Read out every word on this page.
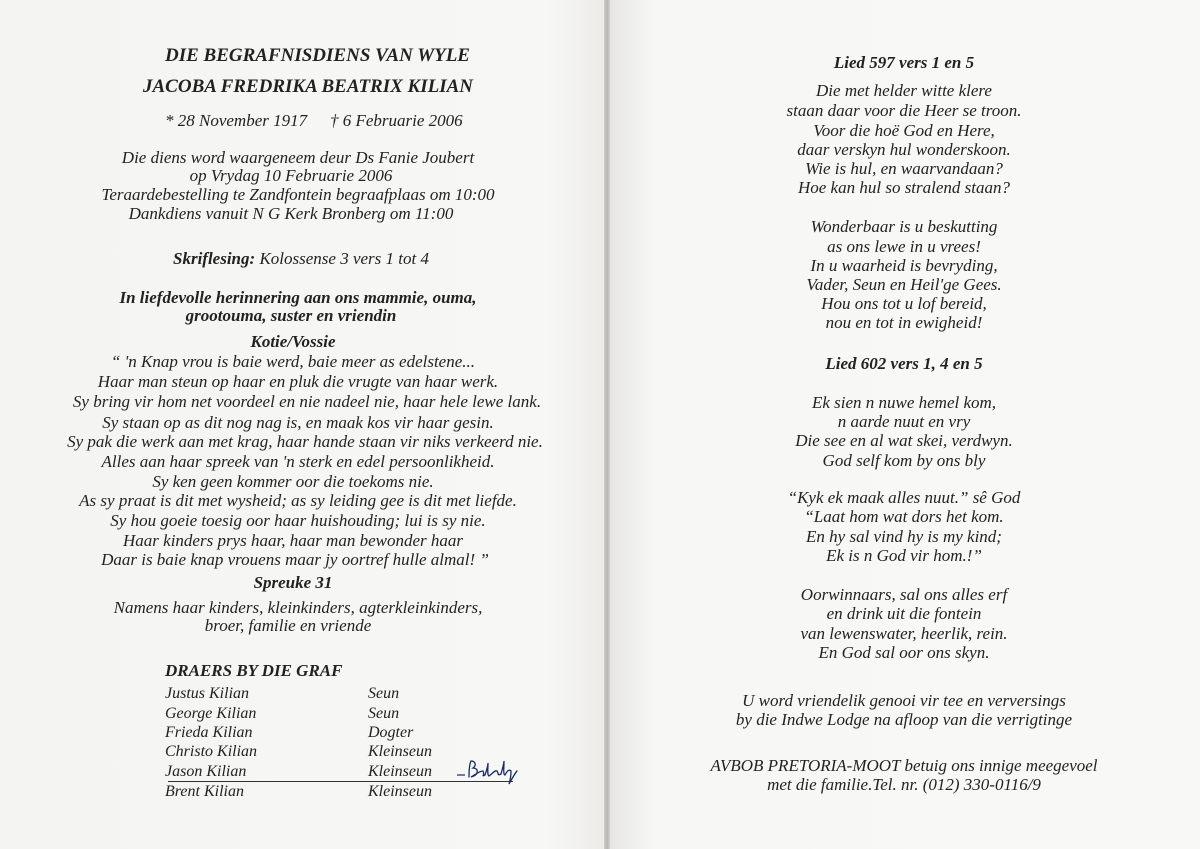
DIE BEGRAFNISDIENS VAN WYLE
JACOBA FREDRIKA BEATRIX KILIAN
* 28 November 1917 † 6 Februarie 2006
Die diens word waargeneem deur Ds Fanie Joubert
op Vrydag 10 Februarie 2006
Teraardebestelling te Zandfontein begraafplaas om 10:00
Dankdiens vanuit N G Kerk Bronberg om 11:00
Skriflesing: Kolossense 3 vers 1 tot 4
In liefdevolle herinnering aan ons mammie, ouma,
grootouma, suster en vriendin
Kotie/Vossie
“ 'n Knap vrou is baie werd, baie meer as edelstene...
Haar man steun op haar en pluk die vrugte van haar werk.
Sy bring vir hom net voordeel en nie nadeel nie, haar hele lewe lank.
Sy staan op as dit nog nag is, en maak kos vir haar gesin.
Sy pak die werk aan met krag, haar hande staan vir niks verkeerd nie.
Alles aan haar spreek van 'n sterk en edel persoonlikheid.
Sy ken geen kommer oor die toekoms nie.
As sy praat is dit met wysheid; as sy leiding gee is dit met liefde.
Sy hou goeie toesig oor haar huishouding; lui is sy nie.
Haar kinders prys haar, haar man bewonder haar
Daar is baie knap vrouens maar jy oortref hulle almal! ”
Spreuke 31
Namens haar kinders, kleinkinders, agterkleinkinders,
broer, familie en vriende
DRAERS BY DIE GRAF
Justus Kilian	Seun
George Kilian	Seun
Frieda Kilian	Dogter
Christo Kilian	Kleinseun
Jason Kilian	Kleinseun
Brent Kilian	Kleinseun
Lied 597 vers 1 en 5
Die met helder witte klere
staan daar voor die Heer se troon.
Voor die hoë God en Here,
daar verskyn hul wonderskoon.
Wie is hul, en waarvandaan?
Hoe kan hul so stralend staan?
Wonderbaar is u beskutting
as ons lewe in u vrees!
In u waarheid is bevryding,
Vader, Seun en Heil'ge Gees.
Hou ons tot u lof bereid,
nou en tot in ewigheid!
Lied 602 vers 1, 4 en 5
Ek sien n nuwe hemel kom,
n aarde nuut en vry
Die see en al wat skei, verdwyn.
God self kom by ons bly
“Kyk ek maak alles nuut.” sê God
“Laat hom wat dors het kom.
En hy sal vind hy is my kind;
Ek is n God vir hom.!”
Oorwinnaars, sal ons alles erf
en drink uit die fontein
van lewenswater, heerlik, rein.
En God sal oor ons skyn.
U word vriendelik genooi vir tee en verversings
by die Indwe Lodge na afloop van die verrigtinge
AVBOB PRETORIA-MOOT betuig ons innige meegevoel
met die familie.Tel. nr. (012) 330-0116/9
